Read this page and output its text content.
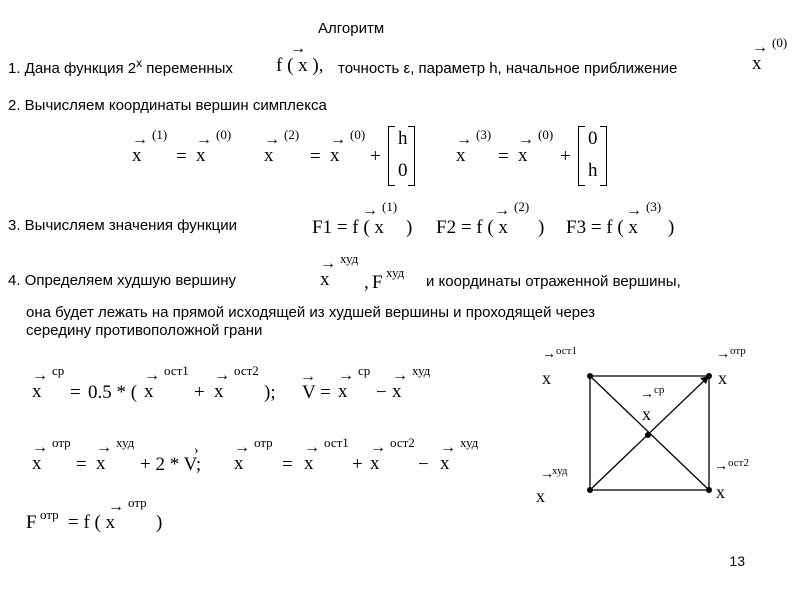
Алгоритм
1. Дана функция 2$^x$ переменных f ( x ),
→
точность ε, параметр h, начальное приближение
→ (0)
x
2. Вычисляем координаты вершин симплекса
→ (1)
x =
→ (0)
x
→ (2)
x =
→ (0)
x +
h
0
→ (3)
x =
→ (0)
x +
0
h
3. Вычисляем значения функции	F1 = f ( x
→ (1)
) F2 = f ( x
→ (2)
) F3 = f ( x
→ (3)
)
4. Определяем худшую вершину
→ худ
x , F худ
и координаты отраженной вершины,
она будет лежать на прямой исходящей из худшей вершины и проходящей через
середину противоположной грани
→ ср
x = 0.5 * (
→ ост1
x +
→ ост2
x );
→
V =
→ ср
x −
→ худ
x
→ отр
x =
→ худ
x + 2 * V;
› → отр
x =
→ ост1
x +
→ ост2
x −
→ худ
x
F отр = f ( x
→ отр
)
→ ост1
x
→ отр
x
→ ср
x
→
худ
x
→ ост2
x
13
